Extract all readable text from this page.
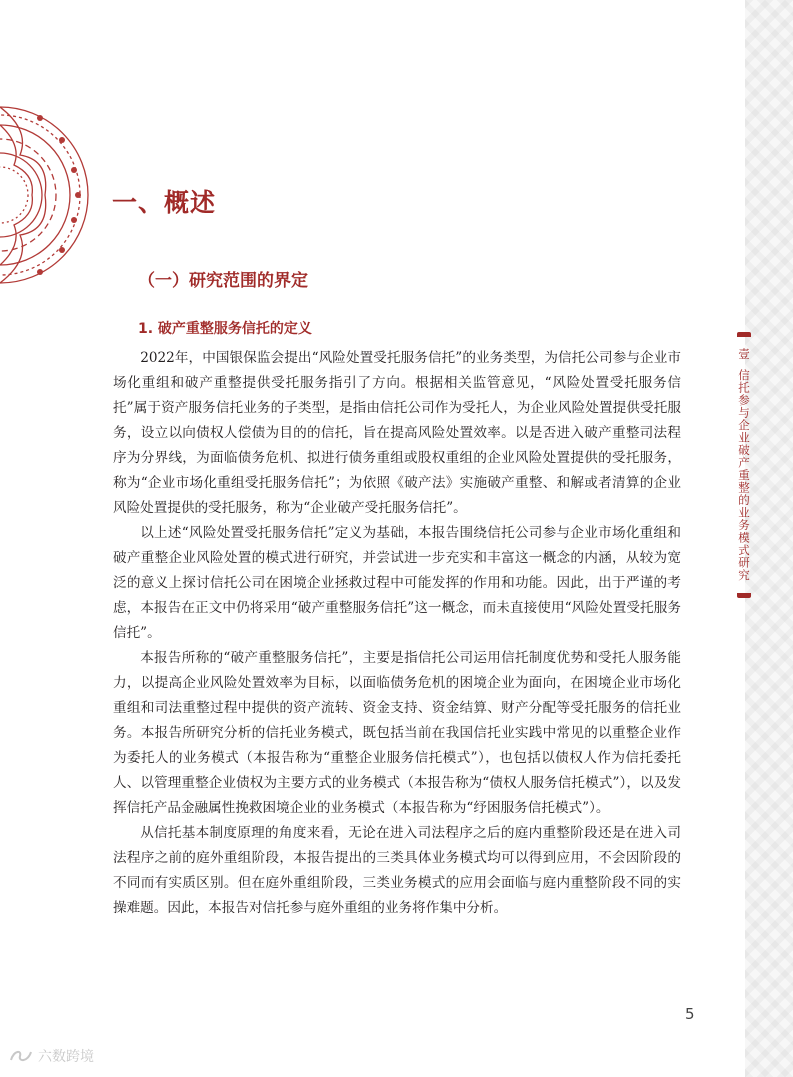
一、概述
（一）研究范围的界定
1. 破产重整服务信托的定义

2022年，中国银保监会提出“风险处置受托服务信托”的业务类型，为信托公司参与企业市场化重组和破产重整提供受托服务指引了方向。根据相关监管意见，“风险处置受托服务信托”属于资产服务信托业务的子类型，是指由信托公司作为受托人，为企业风险处置提供受托服务，设立以向债权人偿债为目的的信托，旨在提高风险处置效率。以是否进入破产重整司法程序为分界线，为面临债务危机、拟进行债务重组或股权重组的企业风险处置提供的受托服务，称为“企业市场化重组受托服务信托”；为依照《破产法》实施破产重整、和解或者清算的企业风险处置提供的受托服务，称为“企业破产受托服务信托”。

以上述“风险处置受托服务信托”定义为基础，本报告围绕信托公司参与企业市场化重组和破产重整企业风险处置的模式进行研究，并尝试进一步充实和丰富这一概念的内涵，从较为宽泛的意义上探讨信托公司在困境企业拯救过程中可能发挥的作用和功能。因此，出于严谨的考虑，本报告在正文中仍将采用“破产重整服务信托”这一概念，而未直接使用“风险处置受托服务信托”。

本报告所称的“破产重整服务信托”，主要是指信托公司运用信托制度优势和受托人服务能力，以提高企业风险处置效率为目标，以面临债务危机的困境企业为面向，在困境企业市场化重组和司法重整过程中提供的资产流转、资金支持、资金结算、财产分配等受托服务的信托业务。本报告所研究分析的信托业务模式，既包括当前在我国信托业实践中常见的以重整企业作为委托人的业务模式（本报告称为“重整企业服务信托模式”），也包括以债权人作为信托委托人、以管理重整企业债权为主要方式的业务模式（本报告称为“债权人服务信托模式”），以及发挥信托产品金融属性挽救困境企业的业务模式（本报告称为“纾困服务信托模式”）。

从信托基本制度原理的角度来看，无论在进入司法程序之后的庭内重整阶段还是在进入司法程序之前的庭外重组阶段，本报告提出的三类具体业务模式均可以得到应用，不会因阶段的不同而有实质区别。但在庭外重组阶段，三类业务模式的应用会面临与庭内重整阶段不同的实操难题。因此，本报告对信托参与庭外重组的业务将作集中分析。

壹
信托参与企业破产重整的业务模式研究
5
六数跨境
